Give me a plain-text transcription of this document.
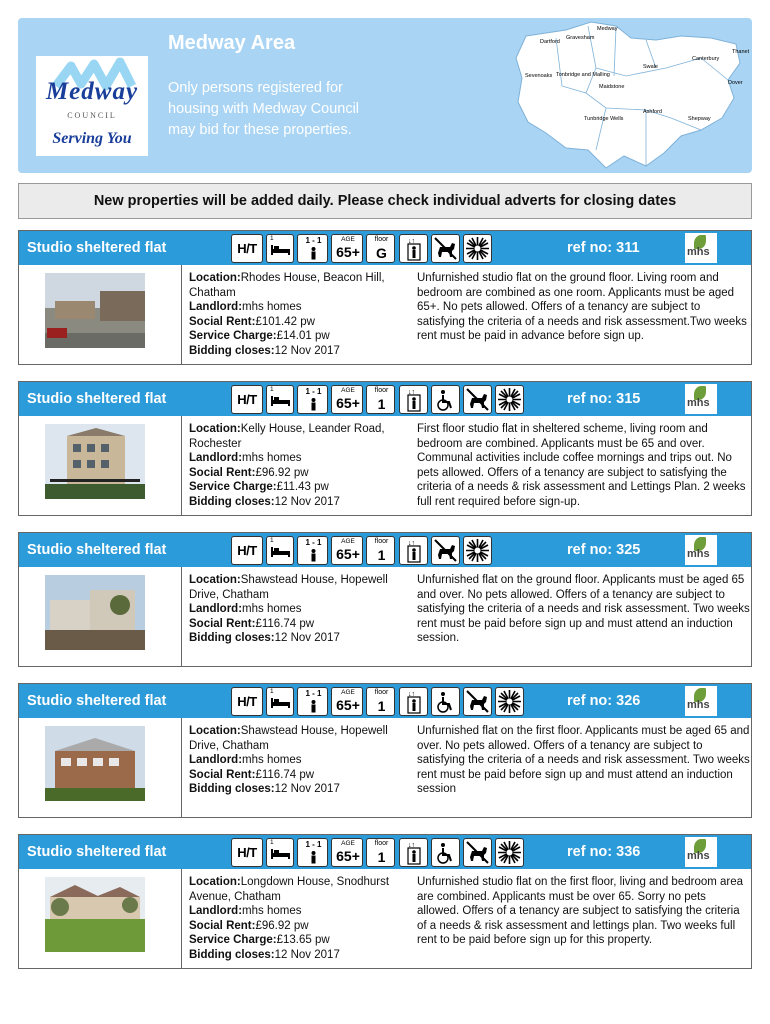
Medway
COUNCIL
Serving You
Medway Area
Only persons registered for housing with Medway Council may bid for these properties.
Medway
Dartford
Gravesham
Thanet
Canterbury
Swale
Sevenoaks Tonbridge and Malling
Maidstone
Dover
Ashford
Tunbridge Wells	Shepway
New properties will be added daily. Please check individual adverts for closing dates
Studio sheltered flat	H/T
1	1 - 1	AGE
65+
floor
G
↓↑	ref no: 311	mhs
Location:Rhodes House, Beacon Hill, Chatham
Landlord:mhs homes
Social Rent:£101.42 pw
Service Charge:£14.01 pw
Bidding closes:12 Nov 2017
Unfurnished studio flat on the ground floor. Living room and bedroom are combined as one room. Applicants must be aged 65+. No pets allowed. Offers of a tenancy are subject to satisfying the criteria of a needs and risk assessment.Two weeks rent must be paid in advance before sign up.
Studio sheltered flat	H/T
1	1 - 1	AGE
65+
floor
1
↓↑	ref no: 315	mhs
Location:Kelly House, Leander Road, Rochester
Landlord:mhs homes
Social Rent:£96.92 pw
Service Charge:£11.43 pw
Bidding closes:12 Nov 2017
First floor studio flat in sheltered scheme, living room and bedroom are combined. Applicants must be 65 and over. Communal activities include coffee mornings and trips out. No pets allowed. Offers of a tenancy are subject to satisfying the criteria of a needs & risk assessment and Lettings Plan. 2 weeks full rent required before sign-up.
Studio sheltered flat	H/T
1	1 - 1	AGE
65+
floor
1
↓↑	ref no: 325	mhs
Location:Shawstead House, Hopewell Drive, Chatham
Landlord:mhs homes
Social Rent:£116.74 pw
Bidding closes:12 Nov 2017
Unfurnished flat on the ground floor. Applicants must be aged 65 and over. No pets allowed. Offers of a tenancy are subject to satisfying the criteria of a needs and risk assessment. Two weeks rent must be paid before sign up and must attend an induction session.
Studio sheltered flat	H/T
1	1 - 1	AGE
65+
floor
1
↓↑	ref no: 326	mhs
Location:Shawstead House, Hopewell Drive, Chatham
Landlord:mhs homes
Social Rent:£116.74 pw
Bidding closes:12 Nov 2017
Unfurnished flat on the first floor. Applicants must be aged 65 and over. No pets allowed. Offers of a tenancy are subject to satisfying the criteria of a needs and risk assessment. Two weeks rent must be paid before sign up and must attend an induction session
Studio sheltered flat	H/T
1	1 - 1	AGE
65+
floor
1
↓↑	ref no: 336	mhs
Location:Longdown House, Snodhurst Avenue, Chatham
Landlord:mhs homes
Social Rent:£96.92 pw
Service Charge:£13.65 pw
Bidding closes:12 Nov 2017
Unfurnished studio flat on the first floor, living and bedroom area are combined. Applicants must be over 65. Sorry no pets allowed. Offers of a tenancy are subject to satisfying the criteria of a needs & risk assessment and lettings plan. Two weeks full rent to be paid before sign up for this property.
